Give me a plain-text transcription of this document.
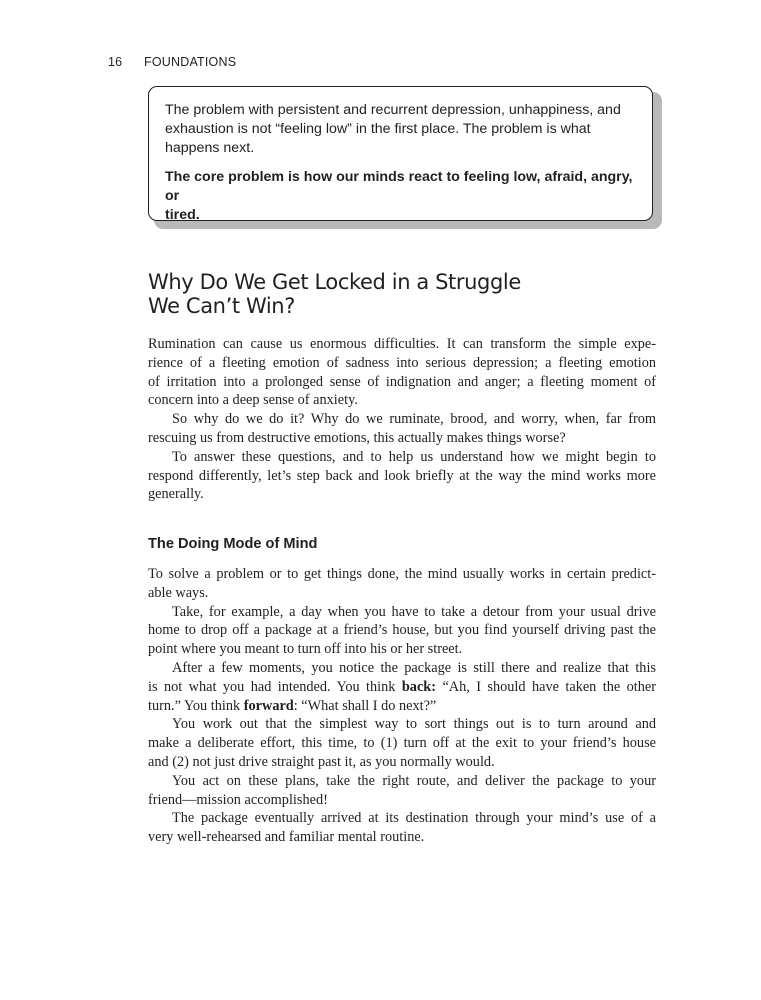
16 FOUNDATIONS

The problem with persistent and recurrent depression, unhappiness, and
exhaustion is not “feeling low” in the first place. The problem is what
happens next.

The core problem is how our minds react to feeling low, afraid, angry, or
tired.

Why Do We Get Locked in a Struggle
We Can’t Win?
Rumination can cause us enormous difficulties. It can transform the simple expe-
rience of a fleeting emotion of sadness into serious depression; a fleeting emotion
of irritation into a prolonged sense of indignation and anger; a fleeting moment of
concern into a deep sense of anxiety.
So why do we do it? Why do we ruminate, brood, and worry, when, far from
rescuing us from destructive emotions, this actually makes things worse?
To answer these questions, and to help us understand how we might begin to
respond differently, let’s step back and look briefly at the way the mind works more
generally.
The Doing Mode of Mind
To solve a problem or to get things done, the mind usually works in certain predict-
able ways.
Take, for example, a day when you have to take a detour from your usual drive
home to drop off a package at a friend’s house, but you find yourself driving past the
point where you meant to turn off into his or her street.
After a few moments, you notice the package is still there and realize that this
is not what you had intended. You think back: “Ah, I should have taken the other
turn.” You think forward: “What shall I do next?”
You work out that the simplest way to sort things out is to turn around and
make a deliberate effort, this time, to (1) turn off at the exit to your friend’s house
and (2) not just drive straight past it, as you normally would.
You act on these plans, take the right route, and deliver the package to your
friend—mission accomplished!
The package eventually arrived at its destination through your mind’s use of a
very well-rehearsed and familiar mental routine.
